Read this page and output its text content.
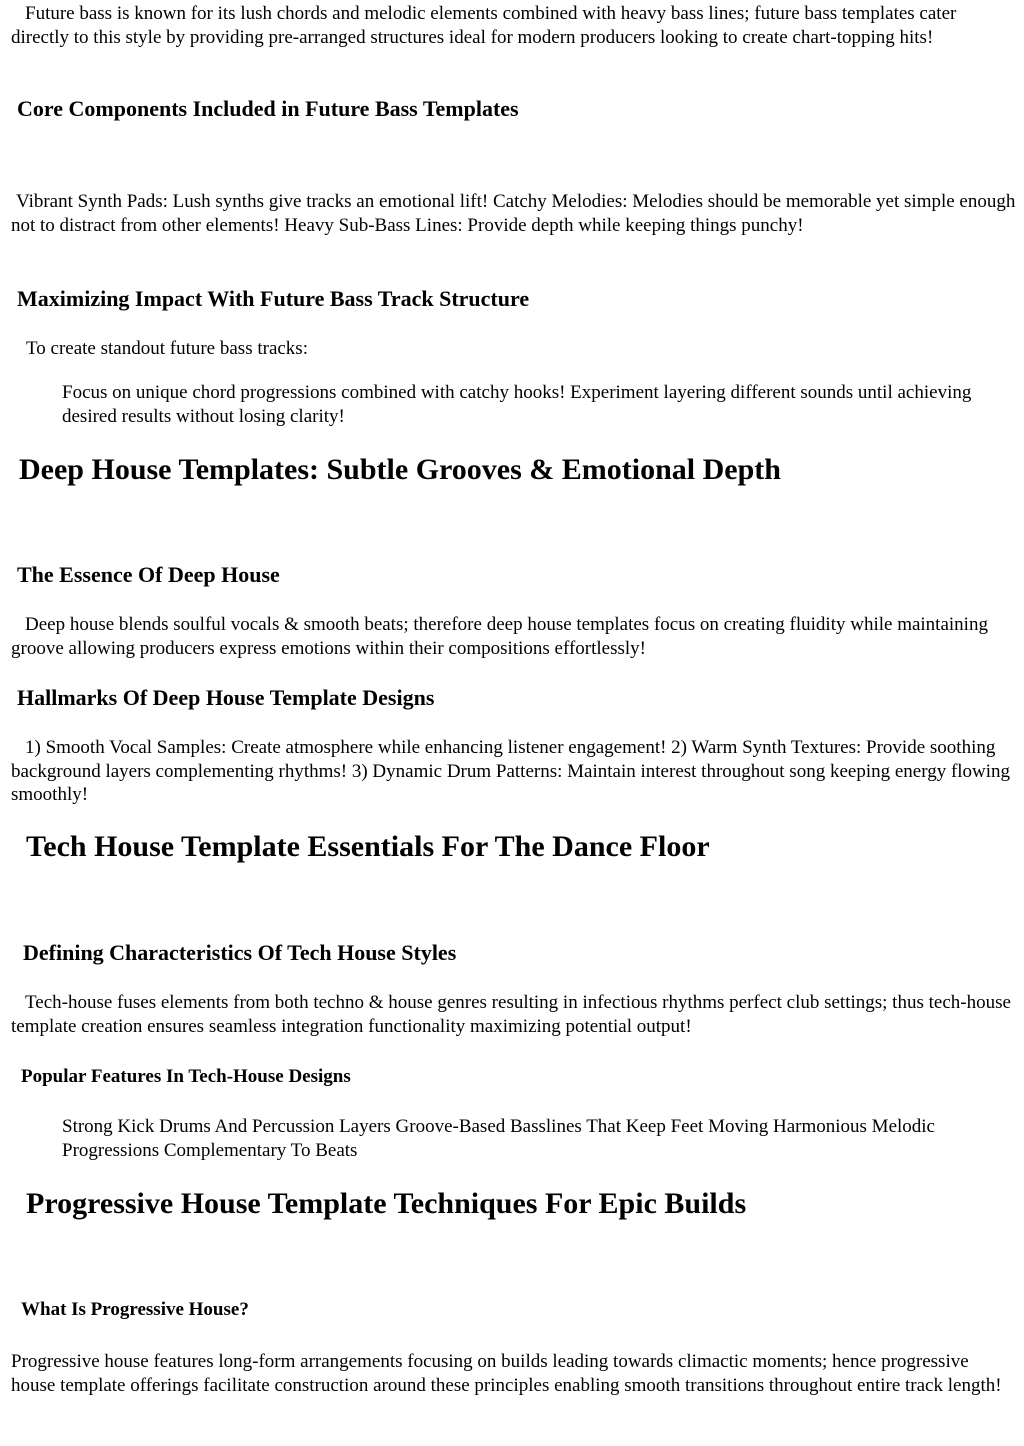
Future bass is known for its lush chords and melodic elements combined with heavy bass lines; future bass templates cater directly to this style by providing pre-arranged structures ideal for modern producers looking to create chart-topping hits!

Core Components Included in Future Bass Templates

Vibrant Synth Pads: Lush synths give tracks an emotional lift! Catchy Melodies: Melodies should be memorable yet simple enough not to distract from other elements! Heavy Sub-Bass Lines: Provide depth while keeping things punchy!

Maximizing Impact With Future Bass Track Structure

To create standout future bass tracks:

Focus on unique chord progressions combined with catchy hooks! Experiment layering different sounds until achieving desired results without losing clarity!

Deep House Templates: Subtle Grooves & Emotional Depth
The Essence Of Deep House

Deep house blends soulful vocals & smooth beats; therefore deep house templates focus on creating fluidity while maintaining groove allowing producers express emotions within their compositions effortlessly!

Hallmarks Of Deep House Template Designs

1) Smooth Vocal Samples: Create atmosphere while enhancing listener engagement! 2) Warm Synth Textures: Provide soothing background layers complementing rhythms! 3) Dynamic Drum Patterns: Maintain interest throughout song keeping energy flowing smoothly!

Tech House Template Essentials For The Dance Floor
Defining Characteristics Of Tech House Styles

Tech-house fuses elements from both techno & house genres resulting in infectious rhythms perfect club settings; thus tech-house template creation ensures seamless integration functionality maximizing potential output!

Popular Features In Tech-House Designs

Strong Kick Drums And Percussion Layers Groove-Based Basslines That Keep Feet Moving Harmonious Melodic Progressions Complementary To Beats

Progressive House Template Techniques For Epic Builds
What Is Progressive House?

Progressive house features long-form arrangements focusing on builds leading towards climactic moments; hence progressive house template offerings facilitate construction around these principles enabling smooth transitions throughout entire track length!
